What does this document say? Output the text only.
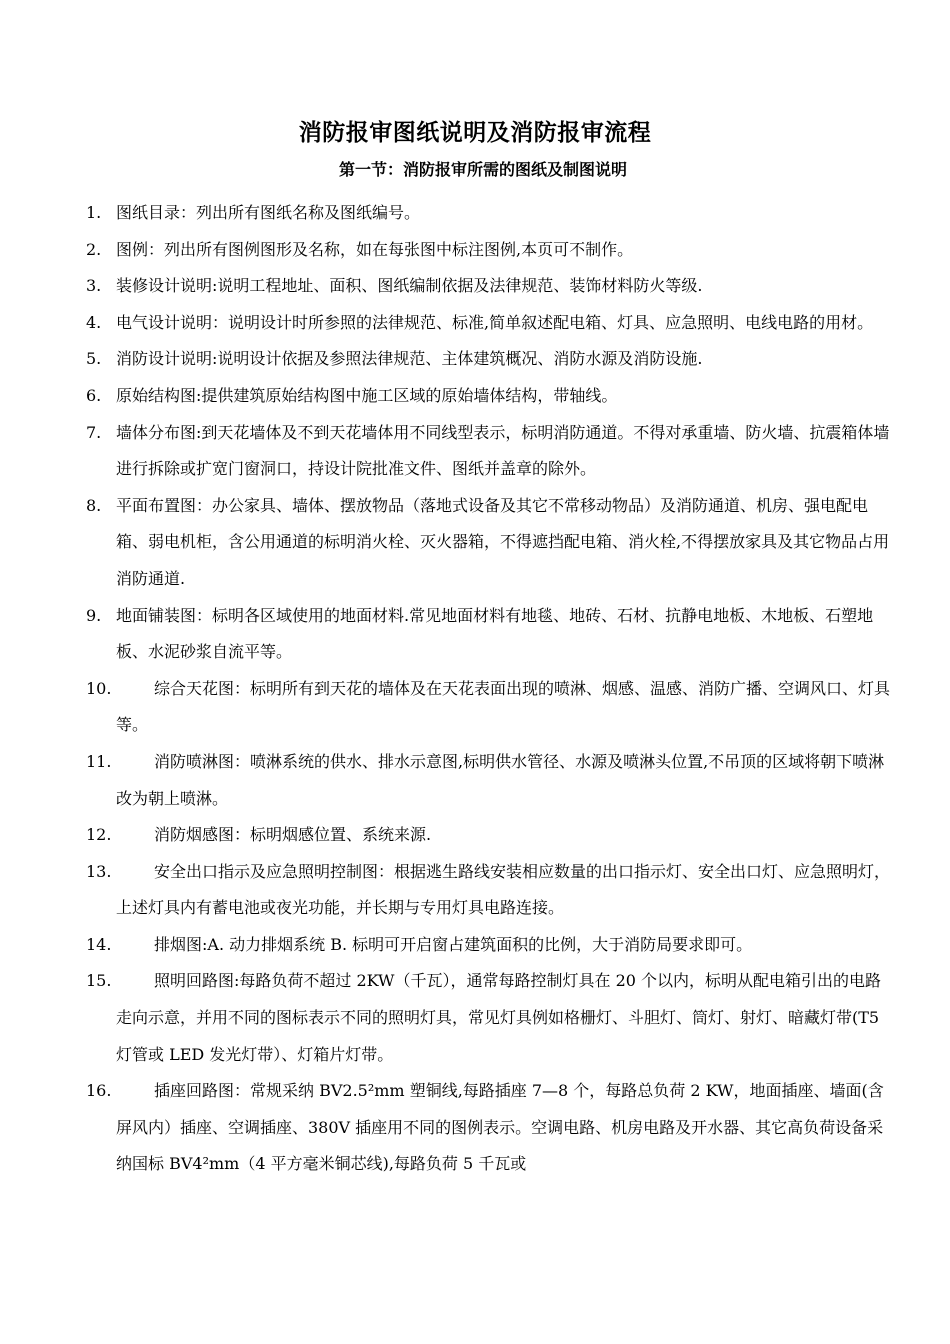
消防报审图纸说明及消防报审流程
第一节：消防报审所需的图纸及制图说明
1. 图纸目录：列出所有图纸名称及图纸编号。
2. 图例：列出所有图例图形及名称，如在每张图中标注图例,本页可不制作。
3. 装修设计说明:说明工程地址、面积、图纸编制依据及法律规范、装饰材料防火等级.
4. 电气设计说明：说明设计时所参照的法律规范、标准,简单叙述配电箱、灯具、应急照明、电线电路的用材。
5. 消防设计说明:说明设计依据及参照法律规范、主体建筑概况、消防水源及消防设施.
6. 原始结构图:提供建筑原始结构图中施工区域的原始墙体结构，带轴线。
7. 墙体分布图:到天花墙体及不到天花墙体用不同线型表示，标明消防通道。不得对承重墙、防火墙、抗震箱体墙进行拆除或扩宽门窗洞口，持设计院批准文件、图纸并盖章的除外。
8. 平面布置图：办公家具、墙体、摆放物品（落地式设备及其它不常移动物品）及消防通道、机房、强电配电箱、弱电机柜，含公用通道的标明消火栓、灭火器箱，不得遮挡配电箱、消火栓,不得摆放家具及其它物品占用消防通道.
9. 地面铺装图：标明各区域使用的地面材料.常见地面材料有地毯、地砖、石材、抗静电地板、木地板、石塑地板、水泥砂浆自流平等。
10.	综合天花图：标明所有到天花的墙体及在天花表面出现的喷淋、烟感、温感、消防广播、空调风口、灯具等。
11.	消防喷淋图：喷淋系统的供水、排水示意图,标明供水管径、水源及喷淋头位置,不吊顶的区域将朝下喷淋改为朝上喷淋。
12.	消防烟感图：标明烟感位置、系统来源.
13.	安全出口指示及应急照明控制图：根据逃生路线安装相应数量的出口指示灯、安全出口灯、应急照明灯，上述灯具内有蓄电池或夜光功能，并长期与专用灯具电路连接。
14.	排烟图:A. 动力排烟系统 B. 标明可开启窗占建筑面积的比例，大于消防局要求即可。
15.	照明回路图:每路负荷不超过 2KW（千瓦），通常每路控制灯具在 20 个以内，标明从配电箱引出的电路走向示意，并用不同的图标表示不同的照明灯具，常见灯具例如格栅灯、斗胆灯、筒灯、射灯、暗藏灯带(T5 灯管或 LED 发光灯带）、灯箱片灯带。
16.	插座回路图：常规采纳 BV2.5²mm 塑铜线,每路插座 7—8 个，每路总负荷 2 KW，地面插座、墙面(含屏风内）插座、空调插座、380V 插座用不同的图例表示。空调电路、机房电路及开水器、其它高负荷设备采纳国标 BV4²mm（4 平方毫米铜芯线),每路负荷 5 千瓦或
